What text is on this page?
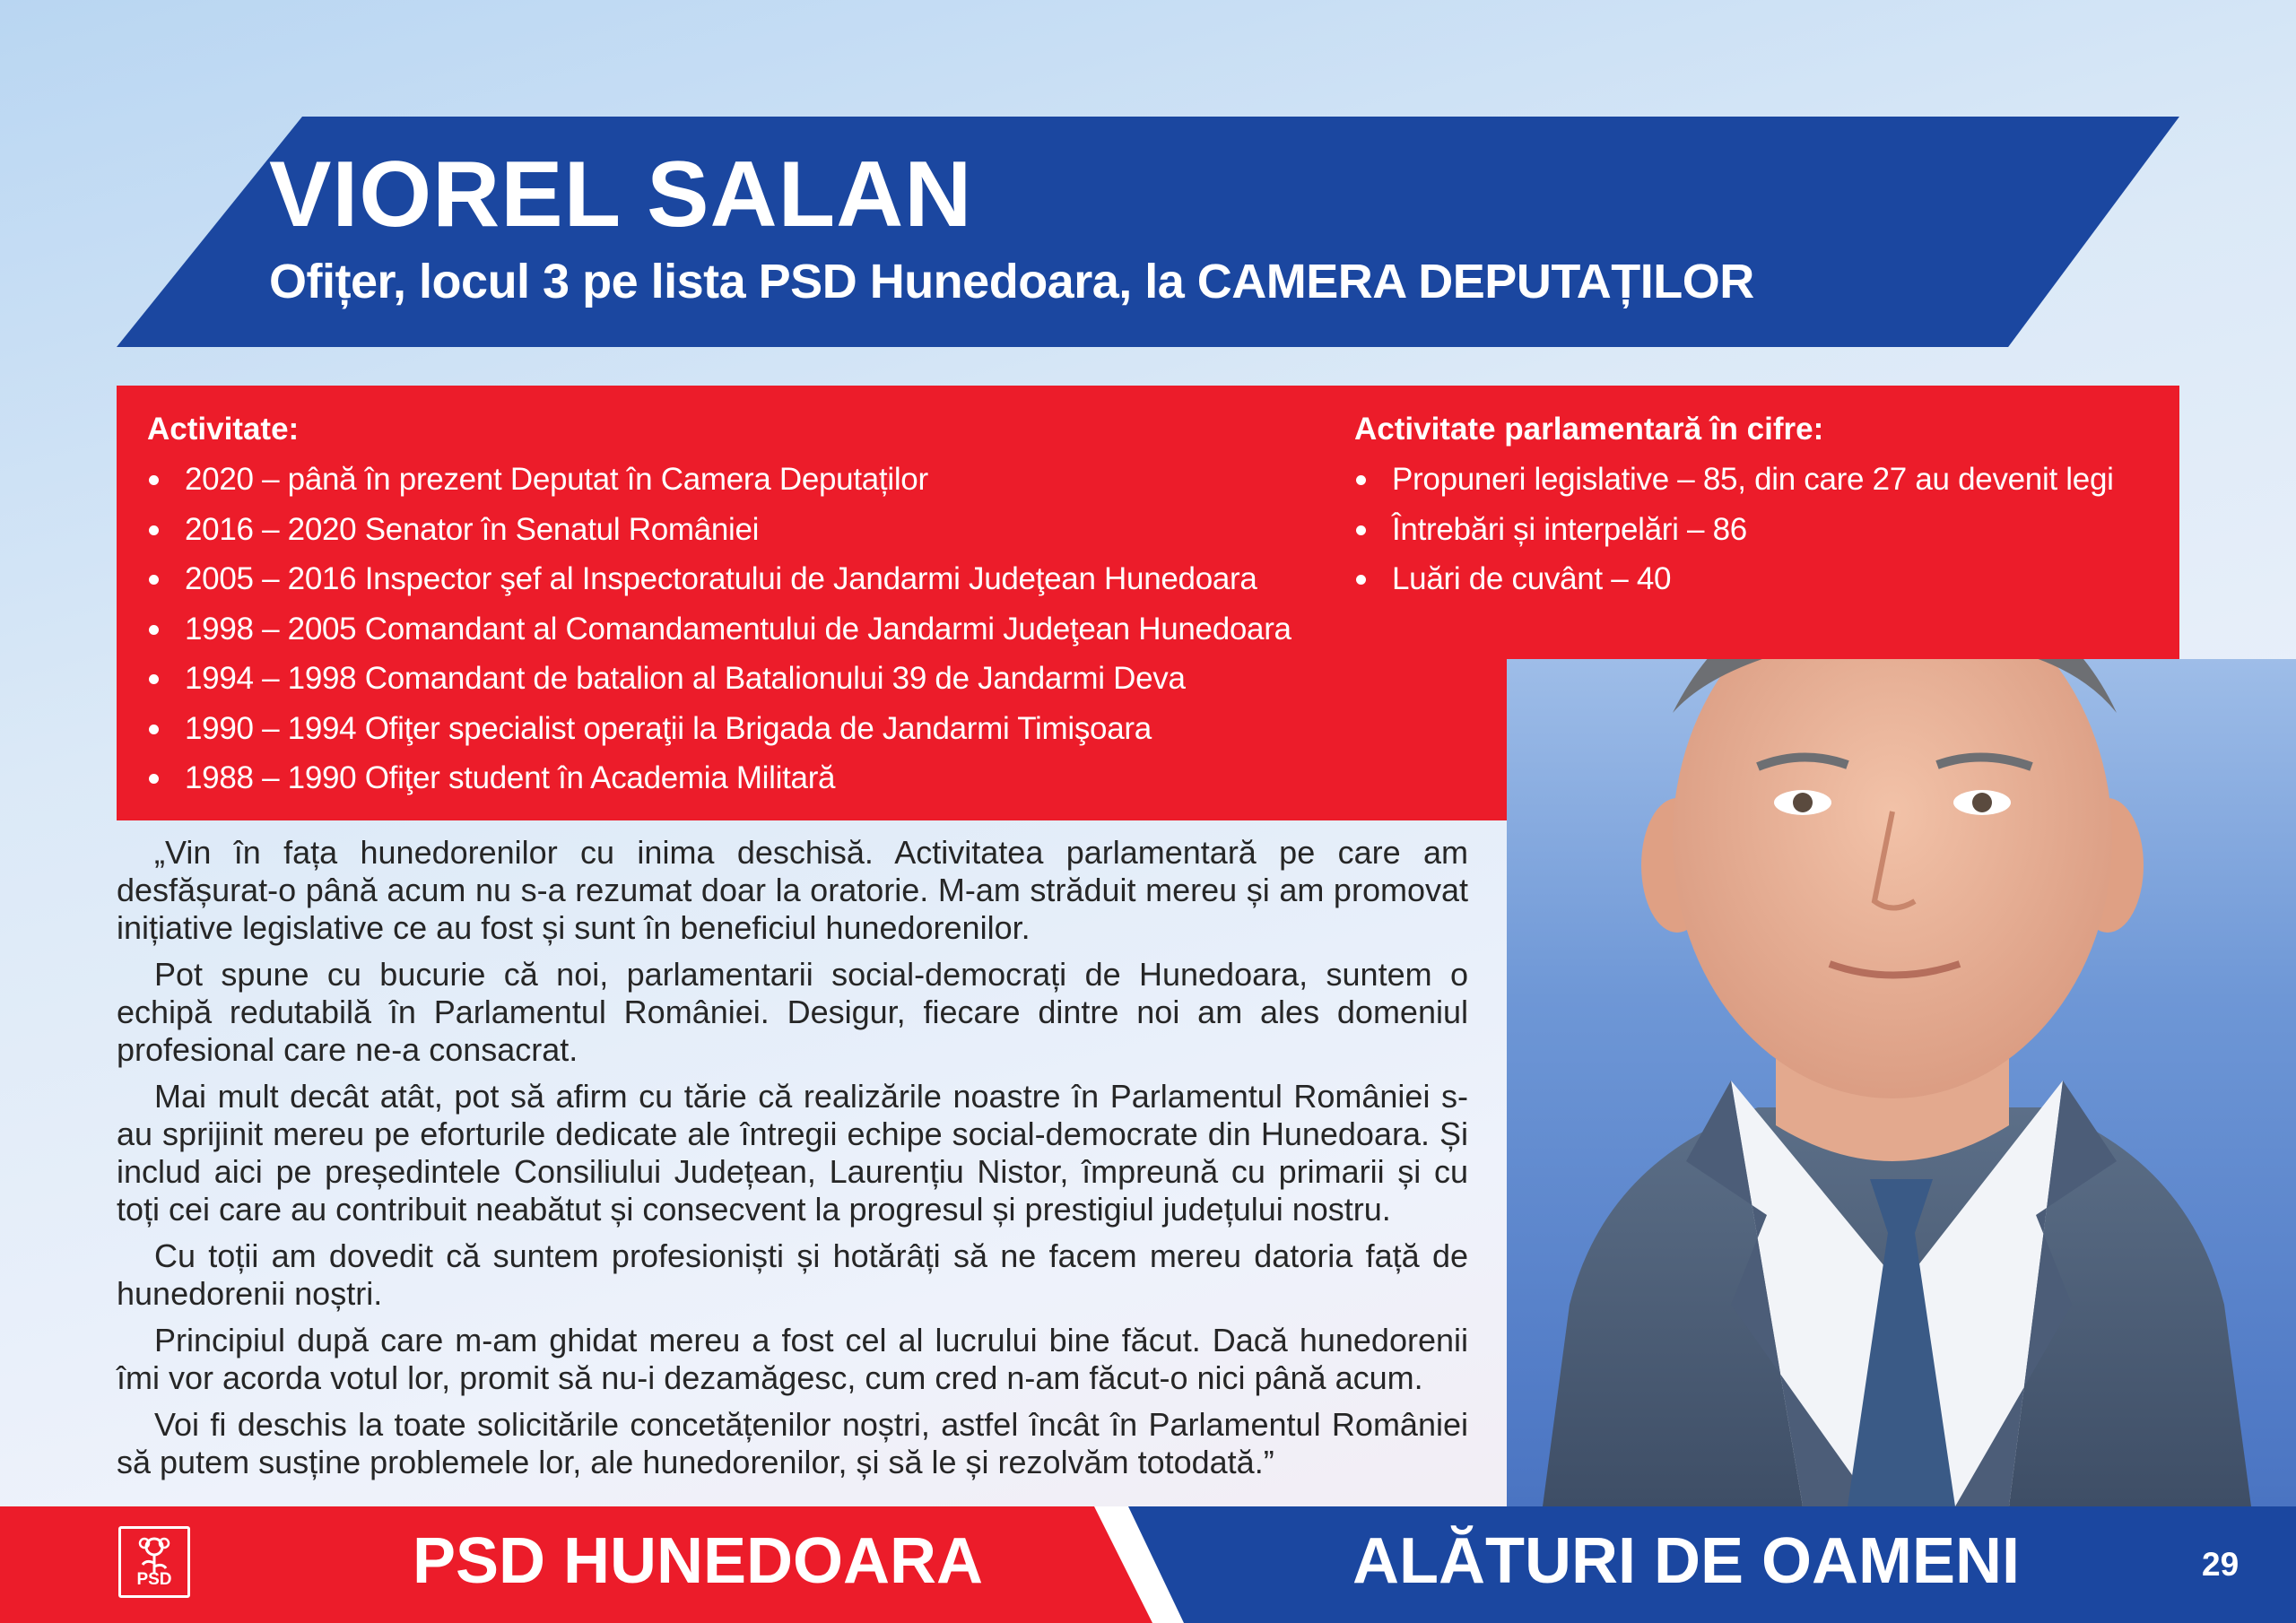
VIOREL SALAN
Ofițer, locul 3 pe lista PSD Hunedoara, la CAMERA DEPUTAȚILOR
Activitate:
2020 – până în prezent Deputat în Camera Deputaților
2016 – 2020 Senator în Senatul României
2005 – 2016 Inspector şef al Inspectoratului de Jandarmi Judeţean Hunedoara
1998 – 2005 Comandant al Comandamentului de Jandarmi Judeţean Hunedoara
1994 – 1998 Comandant de batalion al Batalionului 39 de Jandarmi Deva
1990 – 1994 Ofiţer specialist operaţii la Brigada de Jandarmi Timişoara
1988 – 1990 Ofiţer student în Academia Militară
Activitate parlamentară în cifre:
Propuneri legislative – 85, din care 27 au devenit legi
Întrebări și interpelări – 86
Luări de cuvânt – 40

„Vin în fața hunedorenilor cu inima deschisă. Activitatea parlamentară pe care am desfășurat-o până acum nu s-a rezumat doar la oratorie. M-am străduit mereu și am promovat inițiative legislative ce au fost și sunt în beneficiul hunedorenilor.

Pot spune cu bucurie că noi, parlamentarii social-democrați de Hunedoara, suntem o echipă redutabilă în Parlamentul României. Desigur, fiecare dintre noi am ales domeniul profesional care ne-a consacrat.

Mai mult decât atât, pot să afirm cu tărie că realizările noastre în Parlamentul României s-au sprijinit mereu pe eforturile dedicate ale întregii echipe social-democrate din Hunedoara. Și includ aici pe președintele Consiliului Județean, Laurențiu Nistor, împreună cu primarii și cu toți cei care au contribuit neabătut și consecvent la progresul și prestigiul județului nostru.

Cu toții am dovedit că suntem profesioniști și hotărâți să ne facem mereu datoria față de hunedorenii noștri.

Principiul după care m-am ghidat mereu a fost cel al lucrului bine făcut. Dacă hunedorenii îmi vor acorda votul lor, promit să nu-i dezamăgesc, cum cred n-am făcut-o nici până acum.

Voi fi deschis la toate solicitările concetățenilor noștri, astfel încât în Parlamentul României să putem susține problemele lor, ale hunedorenilor, și să le și rezolvăm totodată.”

PSD	PSD HUNEDOARA	ALĂTURI DE OAMENI	29
